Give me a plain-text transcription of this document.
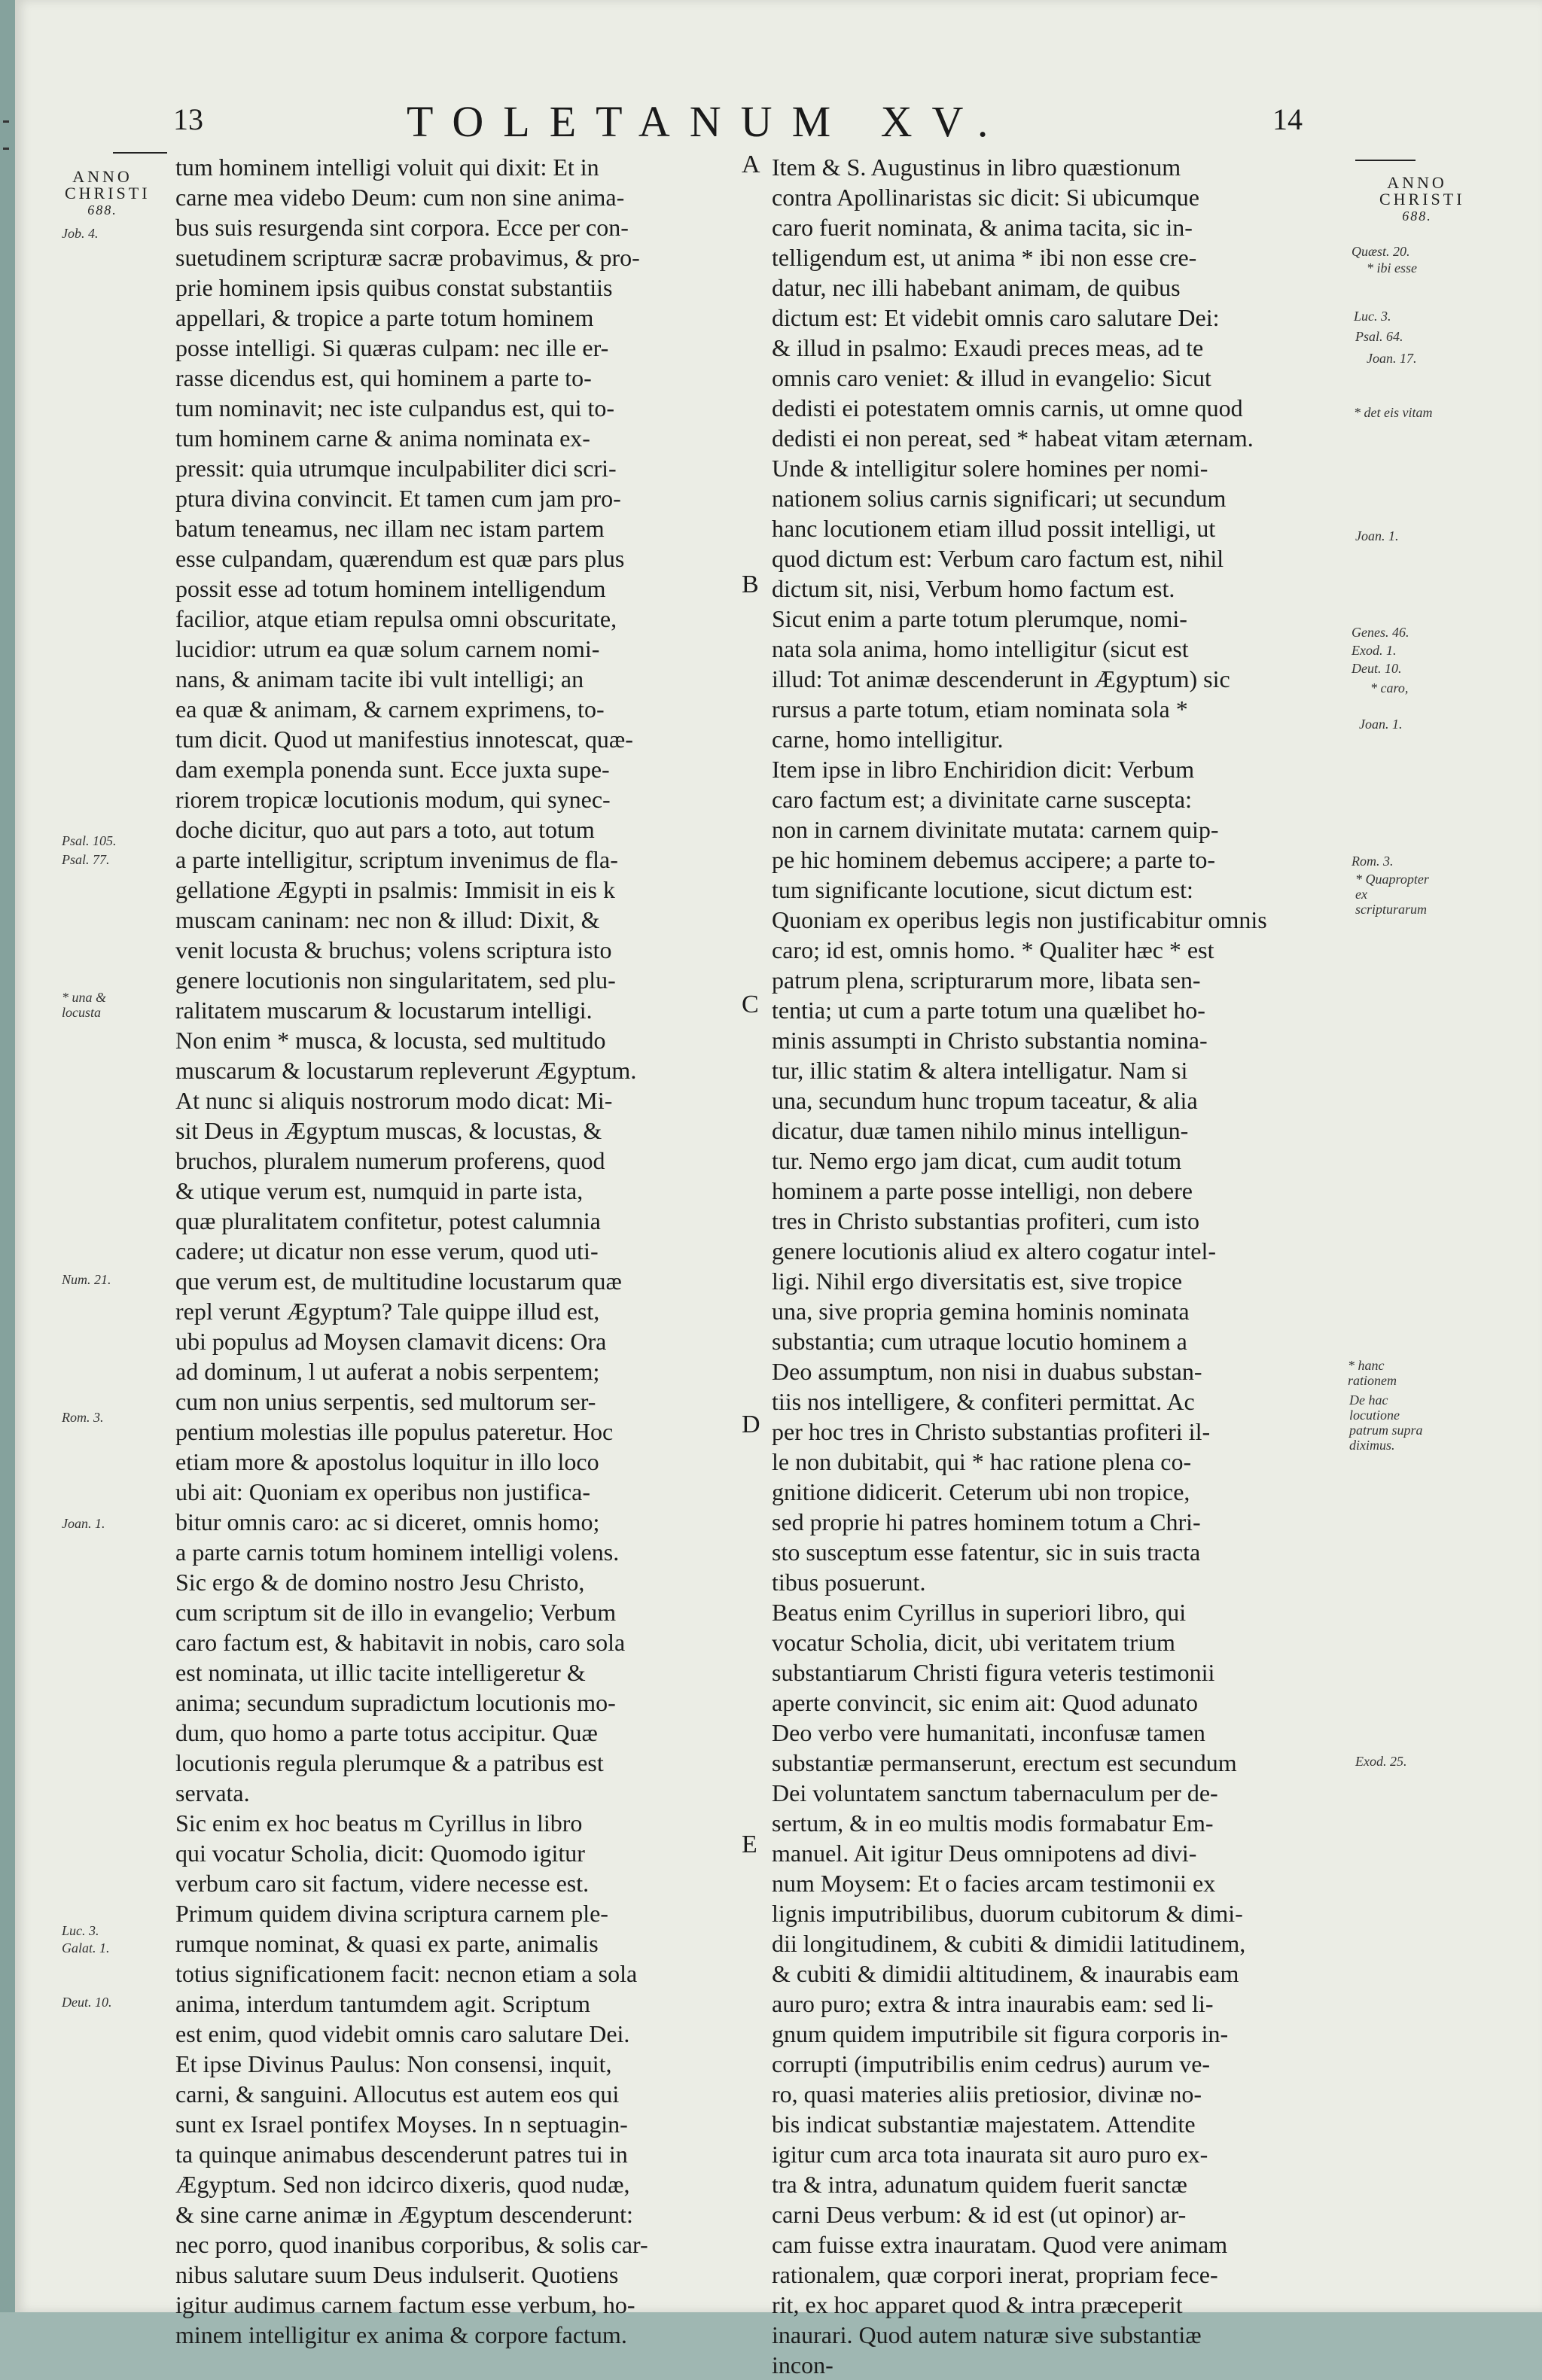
13	TOLETANUM XV.	14
ANNO
CHRISTI
688.
Job. 4.
Psal. 105.
Psal. 77.
* una & locusta
Num. 21.
Rom. 3.
Joan. 1.
Luc. 3.
Galat. 1.
Deut. 10.
A
B
C
D
E
tum hominem intelligi voluit qui dixit: Et in
carne mea videbo Deum: cum non sine anima-
bus suis resurgenda sint corpora. Ecce per con-
suetudinem scripturæ sacræ probavimus, & pro-
prie hominem ipsis quibus constat substantiis
appellari, & tropice a parte totum hominem
posse intelligi. Si quæras culpam: nec ille er-
rasse dicendus est, qui hominem a parte to-
tum nominavit; nec iste culpandus est, qui to-
tum hominem carne & anima nominata ex-
pressit: quia utrumque inculpabiliter dici scri-
ptura divina convincit. Et tamen cum jam pro-
batum teneamus, nec illam nec istam partem
esse culpandam, quærendum est quæ pars plus
possit esse ad totum hominem intelligendum
facilior, atque etiam repulsa omni obscuritate,
lucidior: utrum ea quæ solum carnem nomi-
nans, & animam tacite ibi vult intelligi; an
ea quæ & animam, & carnem exprimens, to-
tum dicit. Quod ut manifestius innotescat, quæ-
dam exempla ponenda sunt. Ecce juxta supe-
riorem tropicæ locutionis modum, qui synec-
doche dicitur, quo aut pars a toto, aut totum
a parte intelligitur, scriptum invenimus de fla-
gellatione Ægypti in psalmis: Immisit in eis k
muscam caninam: nec non & illud: Dixit, &
venit locusta & bruchus; volens scriptura isto
genere locutionis non singularitatem, sed plu-
ralitatem muscarum & locustarum intelligi.
Non enim * musca, & locusta, sed multitudo
muscarum & locustarum repleverunt Ægyptum.
At nunc si aliquis nostrorum modo dicat: Mi-
sit Deus in Ægyptum muscas, & locustas, &
bruchos, pluralem numerum proferens, quod
& utique verum est, numquid in parte ista,
quæ pluralitatem confitetur, potest calumnia
cadere; ut dicatur non esse verum, quod uti-
que verum est, de multitudine locustarum quæ
repl verunt Ægyptum? Tale quippe illud est,
ubi populus ad Moysen clamavit dicens: Ora
ad dominum, l ut auferat a nobis serpentem;
cum non unius serpentis, sed multorum ser-
pentium molestias ille populus pateretur. Hoc
etiam more & apostolus loquitur in illo loco
ubi ait: Quoniam ex operibus non justifica-
bitur omnis caro: ac si diceret, omnis homo;
a parte carnis totum hominem intelligi volens.
Sic ergo & de domino nostro Jesu Christo,
cum scriptum sit de illo in evangelio; Verbum
caro factum est, & habitavit in nobis, caro sola
est nominata, ut illic tacite intelligeretur &
anima; secundum supradictum locutionis mo-
dum, quo homo a parte totus accipitur. Quæ
locutionis regula plerumque & a patribus est
servata.
Sic enim ex hoc beatus m Cyrillus in libro
qui vocatur Scholia, dicit: Quomodo igitur
verbum caro sit factum, videre necesse est.
Primum quidem divina scriptura carnem ple-
rumque nominat, & quasi ex parte, animalis
totius significationem facit: necnon etiam a sola
anima, interdum tantumdem agit. Scriptum
est enim, quod videbit omnis caro salutare Dei.
Et ipse Divinus Paulus: Non consensi, inquit,
carni, & sanguini. Allocutus est autem eos qui
sunt ex Israel pontifex Moyses. In n septuagin-
ta quinque animabus descenderunt patres tui in
Ægyptum. Sed non idcirco dixeris, quod nudæ,
& sine carne animæ in Ægyptum descenderunt:
nec porro, quod inanibus corporibus, & solis car-
nibus salutare suum Deus indulserit. Quotiens
igitur audimus carnem factum esse verbum, ho-
minem intelligitur ex anima & corpore factum.
Item & S. Augustinus in libro quæstionum
contra Apollinaristas sic dicit: Si ubicumque
caro fuerit nominata, & anima tacita, sic in-
telligendum est, ut anima * ibi non esse cre-
datur, nec illi habebant animam, de quibus
dictum est: Et videbit omnis caro salutare Dei:
& illud in psalmo: Exaudi preces meas, ad te
omnis caro veniet: & illud in evangelio: Sicut
dedisti ei potestatem omnis carnis, ut omne quod
dedisti ei non pereat, sed * habeat vitam æternam.
Unde & intelligitur solere homines per nomi-
nationem solius carnis significari; ut secundum
hanc locutionem etiam illud possit intelligi, ut
quod dictum est: Verbum caro factum est, nihil
dictum sit, nisi, Verbum homo factum est.
Sicut enim a parte totum plerumque, nomi-
nata sola anima, homo intelligitur (sicut est
illud: Tot animæ descenderunt in Ægyptum) sic
rursus a parte totum, etiam nominata sola *
carne, homo intelligitur.
Item ipse in libro Enchiridion dicit: Verbum
caro factum est; a divinitate carne suscepta:
non in carnem divinitate mutata: carnem quip-
pe hic hominem debemus accipere; a parte to-
tum significante locutione, sicut dictum est:
Quoniam ex operibus legis non justificabitur omnis
caro; id est, omnis homo. * Qualiter hæc * est
patrum plena, scripturarum more, libata sen-
tentia; ut cum a parte totum una quælibet ho-
minis assumpti in Christo substantia nomina-
tur, illic statim & altera intelligatur. Nam si
una, secundum hunc tropum taceatur, & alia
dicatur, duæ tamen nihilo minus intelligun-
tur. Nemo ergo jam dicat, cum audit totum
hominem a parte posse intelligi, non debere
tres in Christo substantias profiteri, cum isto
genere locutionis aliud ex altero cogatur intel-
ligi. Nihil ergo diversitatis est, sive tropice
una, sive propria gemina hominis nominata
substantia; cum utraque locutio hominem a
Deo assumptum, non nisi in duabus substan-
tiis nos intelligere, & confiteri permittat. Ac
per hoc tres in Christo substantias profiteri il-
le non dubitabit, qui * hac ratione plena co-
gnitione didicerit. Ceterum ubi non tropice,
sed proprie hi patres hominem totum a Chri-
sto susceptum esse fatentur, sic in suis tracta
tibus posuerunt.
Beatus enim Cyrillus in superiori libro, qui
vocatur Scholia, dicit, ubi veritatem trium
substantiarum Christi figura veteris testimonii
aperte convincit, sic enim ait: Quod adunato
Deo verbo vere humanitati, inconfusæ tamen
substantiæ permanserunt, erectum est secundum
Dei voluntatem sanctum tabernaculum per de-
sertum, & in eo multis modis formabatur Em-
manuel. Ait igitur Deus omnipotens ad divi-
num Moysem: Et o facies arcam testimonii ex
lignis imputribilibus, duorum cubitorum & dimi-
dii longitudinem, & cubiti & dimidii latitudinem,
& cubiti & dimidii altitudinem, & inaurabis eam
auro puro; extra & intra inaurabis eam: sed li-
gnum quidem imputribile sit figura corporis in-
corrupti (imputribilis enim cedrus) aurum ve-
ro, quasi materies aliis pretiosior, divinæ no-
bis indicat substantiæ majestatem. Attendite
igitur cum arca tota inaurata sit auro puro ex-
tra & intra, adunatum quidem fuerit sanctæ
carni Deus verbum: & id est (ut opinor) ar-
cam fuisse extra inauratam. Quod vere animam
rationalem, quæ corpori inerat, propriam fece-
rit, ex hoc apparet quod & intra præceperit
inaurari. Quod autem naturæ sive substantiæ
incon-
ANNO
CHRISTI
688.
Quæst. 20.
* ibi esse
Luc. 3.
Psal. 64.
Joan. 17.
* det eis vitam
Joan. 1.
Genes. 46.
Exod. 1.
Deut. 10.
* caro,
Joan. 1.
Rom. 3.
* Quapropter ex scripturarum
* hanc rationem
De hac locutione patrum supra diximus.
Exod. 25.
